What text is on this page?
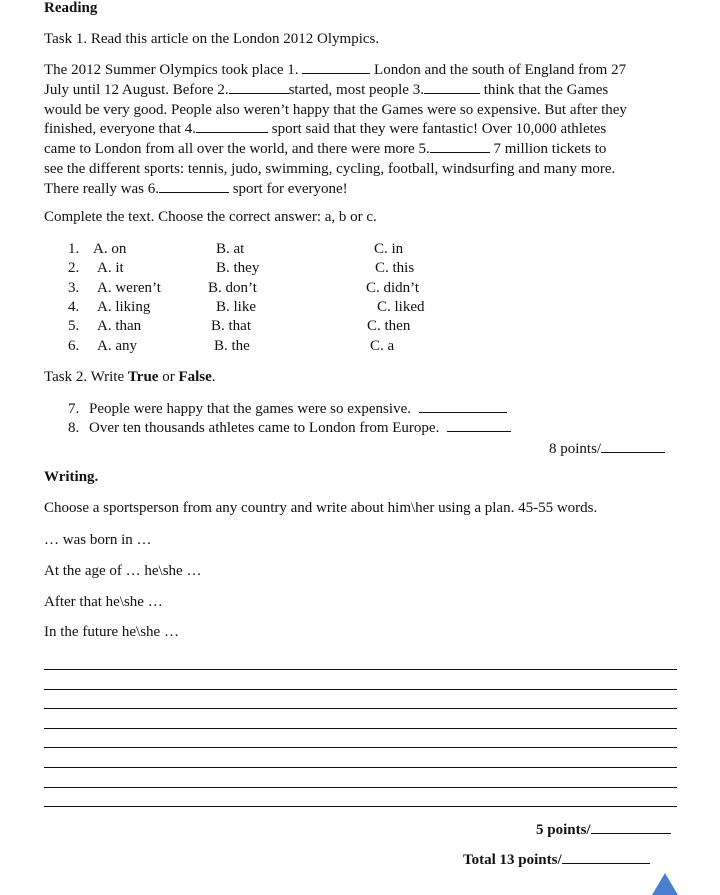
Reading
Task 1. Read this article on the London 2012 Olympics.
The 2012 Summer Olympics took place 1.	London and the south of England from 27
July until 12 August. Before 2.	started, most people 3.	think that the Games
would be very good. People also weren’t happy that the Games were so expensive. But after they
finished, everyone that 4.	sport said that they were fantastic! Over 10,000 athletes
came to London from all over the world, and there were more 5.	7 million tickets to
see the different sports: tennis, judo, swimming, cycling, football, windsurfing and many more.
There really was 6.	sport for everyone!
Complete the text. Choose the correct answer: a, b or c.
1. A. on	B. at	C. in
2. A. it	B. they	C. this
3. A. weren’t	B. don’t	C. didn’t
4. A. liking	B. like	C. liked
5. A. than	B. that	C. then
6. A. any	B. the	C. a
Task 2. Write True or False.
7. People were happy that the games were so expensive.
8. Over ten thousands athletes came to London from Europe.
8 points/
Writing.
Choose a sportsperson from any country and write about him\her using a plan. 45-55 words.
… was born in …
At the age of … he\she …
After that he\she …
In the future he\she …
5 points/
Total 13 points/
